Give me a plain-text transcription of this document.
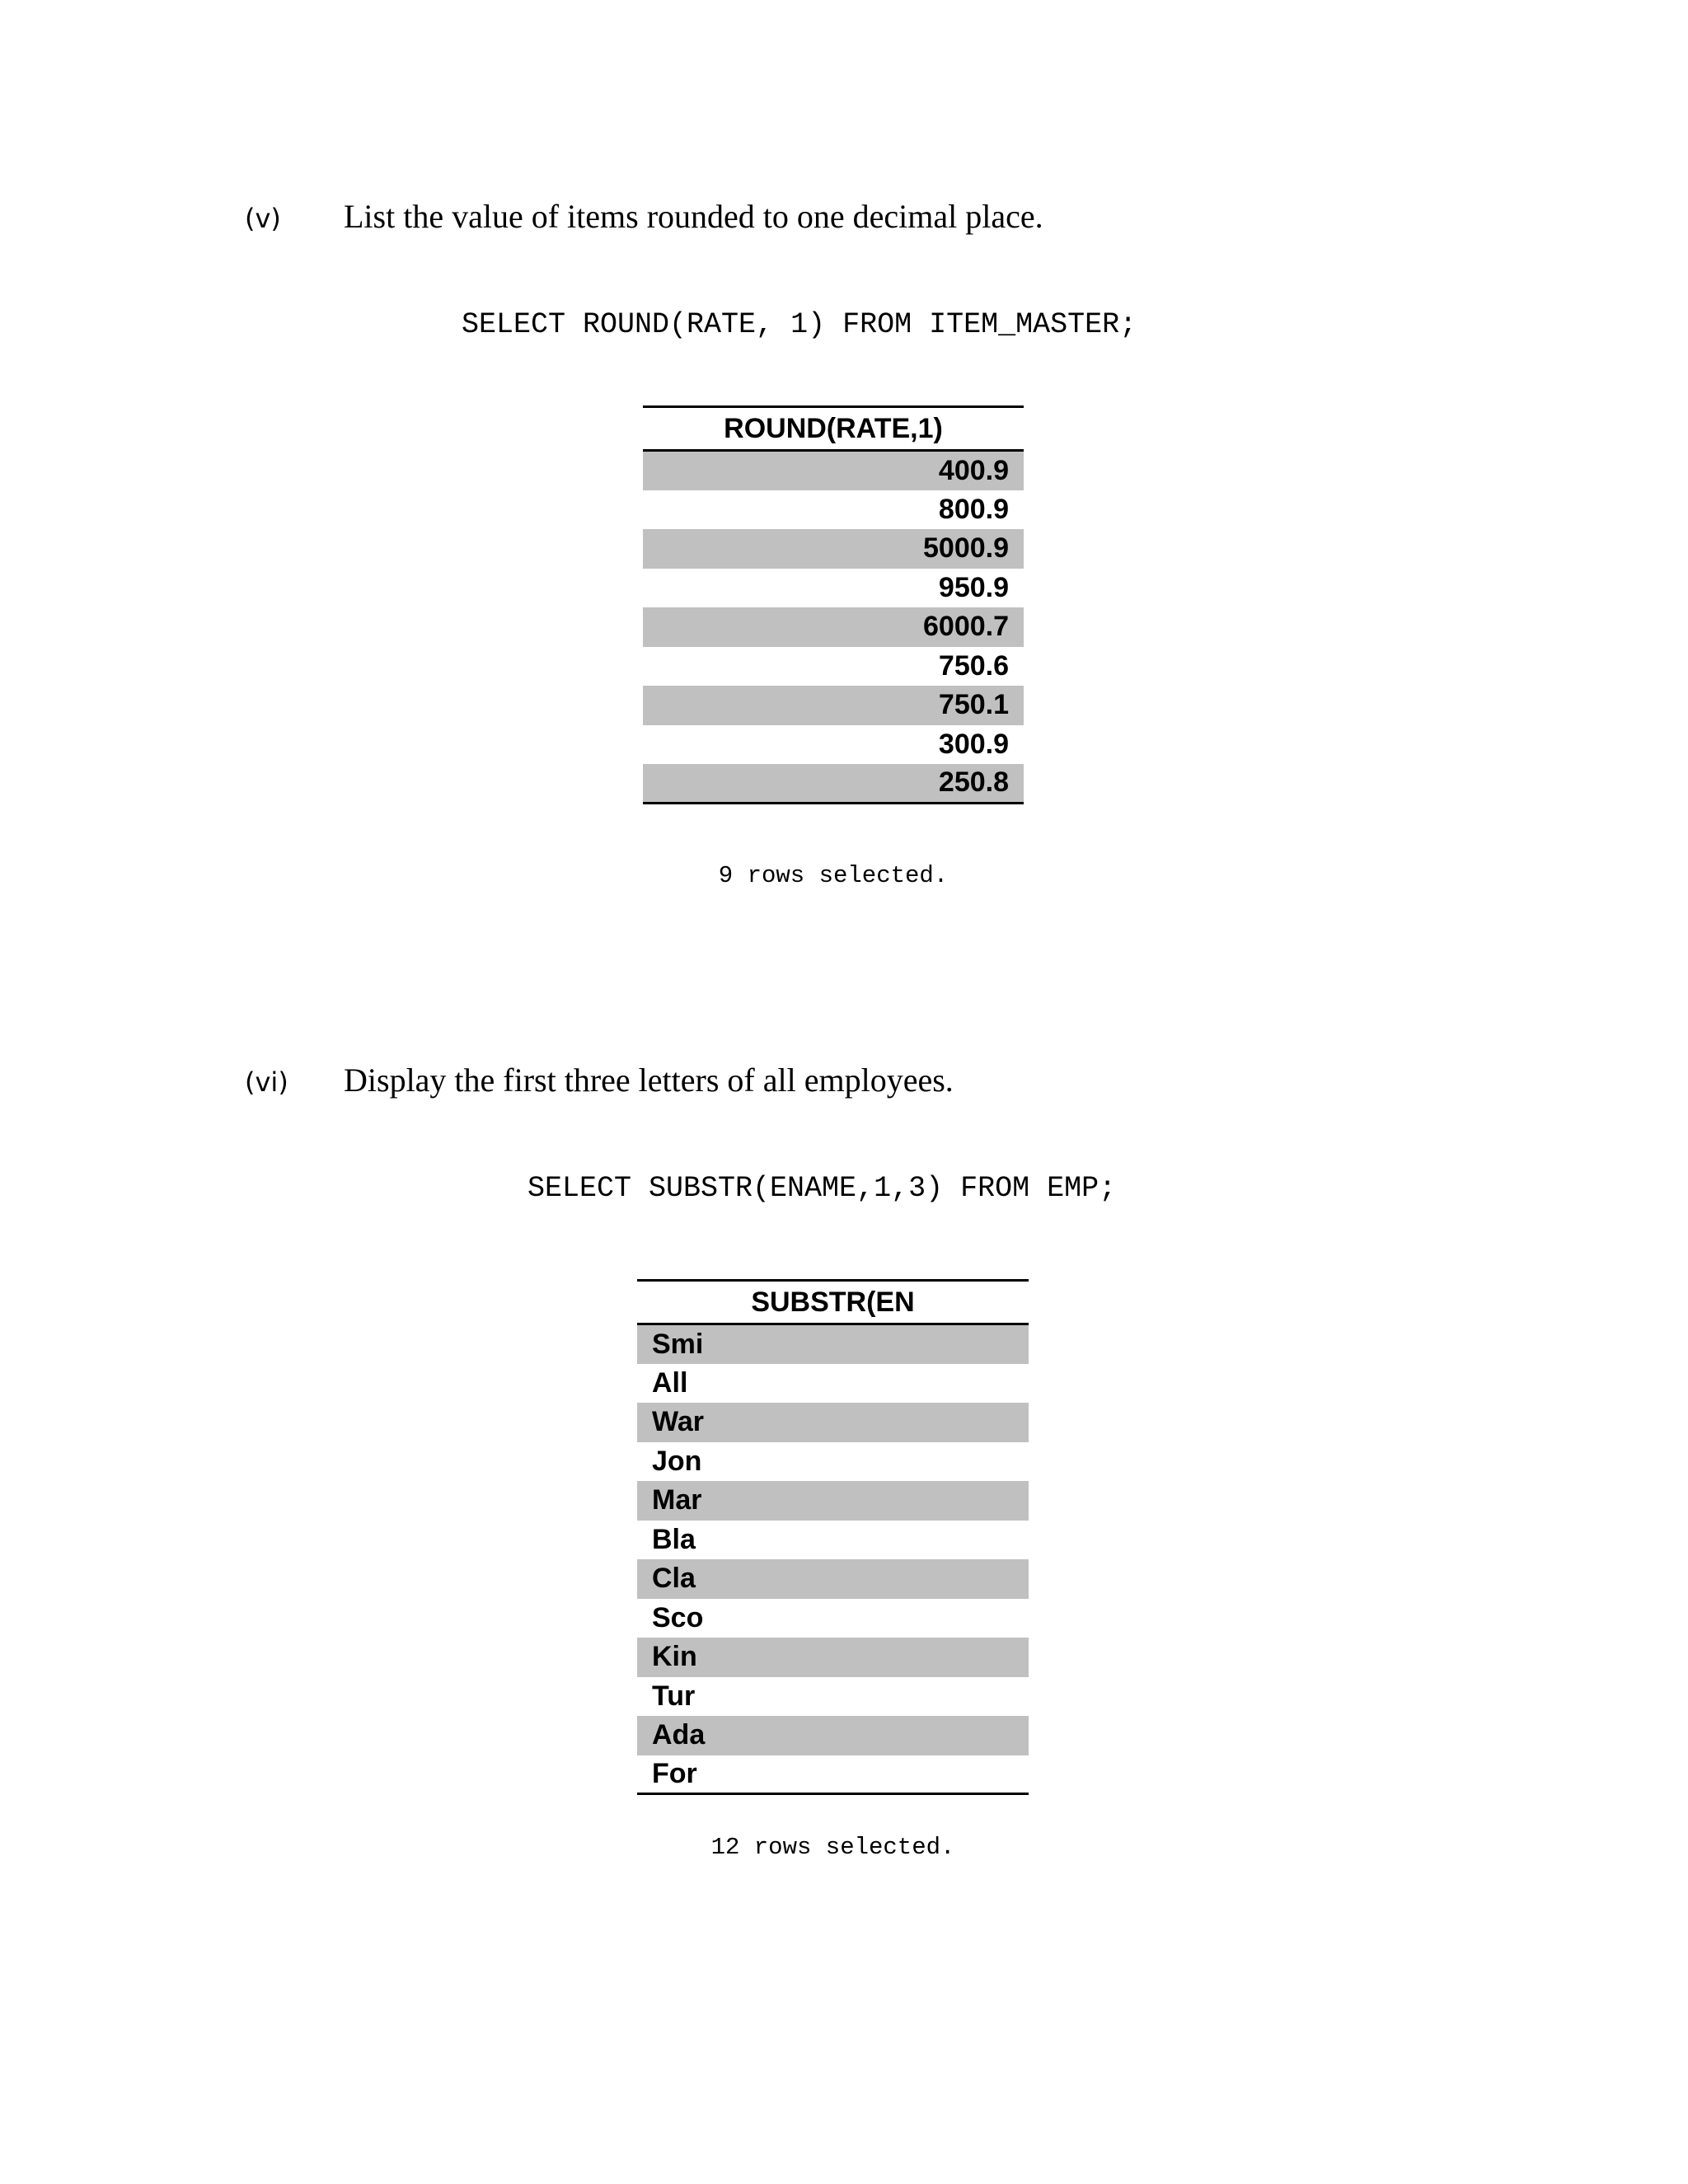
(v) List the value of items rounded to one decimal place.
SELECT ROUND(RATE, 1) FROM ITEM_MASTER;
ROUND(RATE,1)
400.9
800.9
5000.9
950.9
6000.7
750.6
750.1
300.9
250.8
9 rows selected.
(vi) Display the first three letters of all employees.
SELECT SUBSTR(ENAME,1,3) FROM EMP;
SUBSTR(EN
Smi
All
War
Jon
Mar
Bla
Cla
Sco
Kin
Tur
Ada
For
12 rows selected.
